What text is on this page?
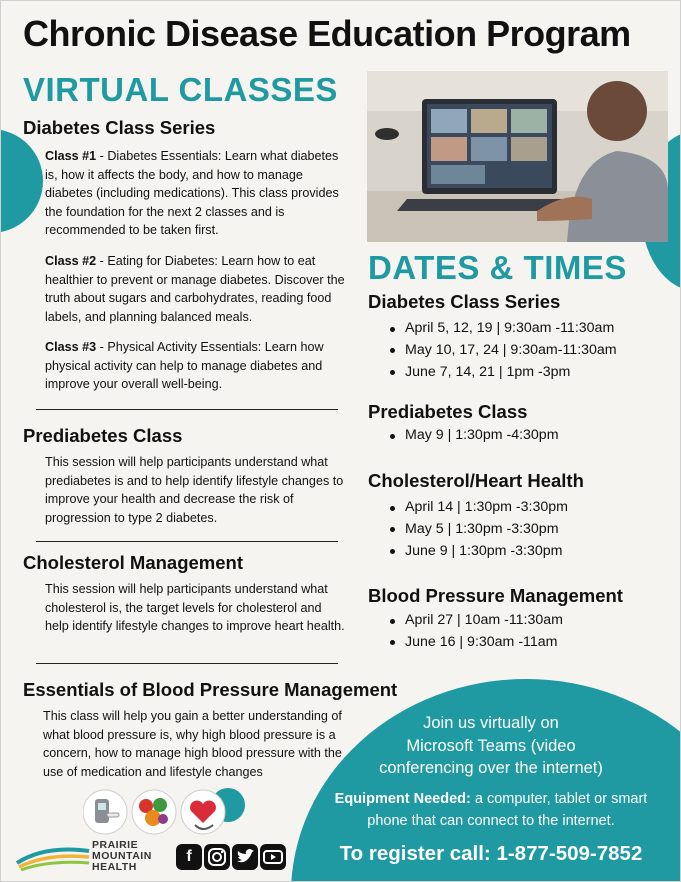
Chronic Disease Education Program
VIRTUAL CLASSES
Diabetes Class Series

Class #1 - Diabetes Essentials: Learn what diabetes is, how it affects the body, and how to manage diabetes (including medications). This class provides the foundation for the next 2 classes and is recommended to be taken first.

Class #2 - Eating for Diabetes: Learn how to eat healthier to prevent or manage diabetes. Discover the truth about sugars and carbohydrates, reading food labels, and planning balanced meals.

Class #3 - Physical Activity Essentials: Learn how physical activity can help to manage diabetes and improve your overall well-being.

Prediabetes Class

This session will help participants understand what prediabetes is and to help identify lifestyle changes to improve your health and decrease the risk of progression to type 2 diabetes.

Cholesterol Management

This session will help participants understand what cholesterol is, the target levels for cholesterol and help identify lifestyle changes to improve heart health.

Essentials of Blood Pressure Management

This class will help you gain a better understanding of what blood pressure is, why high blood pressure is a concern, how to manage high blood pressure with the use of medication and lifestyle changes

PRAIRIE
MOUNTAIN
HEALTH
f
DATES & TIMES
Diabetes Class Series
April 5, 12, 19 | 9:30am -11:30am
May 10, 17, 24 | 9:30am-11:30am
June 7, 14, 21 | 1pm -3pm
Prediabetes Class
May 9 | 1:30pm -4:30pm
Cholesterol/Heart Health
April 14 | 1:30pm -3:30pm
May 5 | 1:30pm -3:30pm
June 9 | 1:30pm -3:30pm
Blood Pressure Management
April 27 | 10am -11:30am
June 16 | 9:30am -11am
Join us virtually on
Microsoft Teams (video
conferencing over the internet)

Equipment Needed: a computer, tablet or smart phone that can connect to the internet.

To register call: 1-877-509-7852
